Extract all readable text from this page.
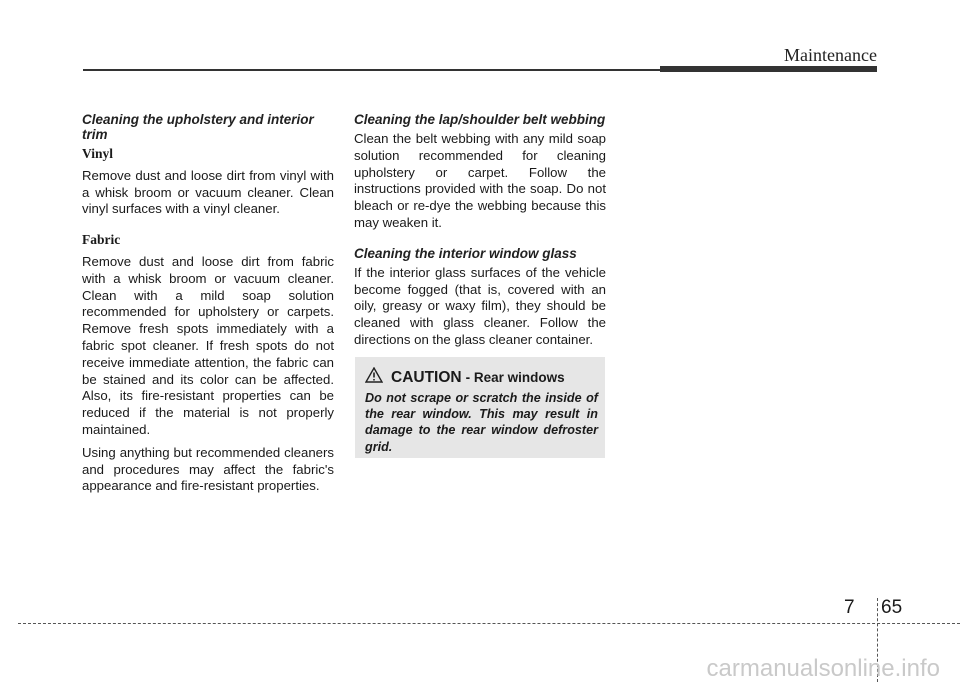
Maintenance
Cleaning the upholstery and interior trim
Vinyl

Remove dust and loose dirt from vinyl with a whisk broom or vacuum cleaner. Clean vinyl surfaces with a vinyl cleaner.

Fabric

Remove dust and loose dirt from fabric with a whisk broom or vacuum cleaner. Clean with a mild soap solution recommended for upholstery or carpets. Remove fresh spots immediately with a fabric spot cleaner. If fresh spots do not receive immediate attention, the fabric can be stained and its color can be affected. Also, its fire-resistant properties can be reduced if the material is not properly maintained.

Using anything but recommended cleaners and procedures may affect the fabric's appearance and fire-resistant properties.

Cleaning the lap/shoulder belt webbing

Clean the belt webbing with any mild soap solution recommended for cleaning upholstery or carpet. Follow the instructions provided with the soap. Do not bleach or re-dye the webbing because this may weaken it.

Cleaning the interior window glass

If the interior glass surfaces of the vehicle become fogged (that is, covered with an oily, greasy or waxy film), they should be cleaned with glass cleaner. Follow the directions on the glass cleaner container.

CAUTION - Rear windows
Do not scrape or scratch the inside of the rear window. This may result in damage to the rear window defroster grid.
7 65
carmanualsonline.info
